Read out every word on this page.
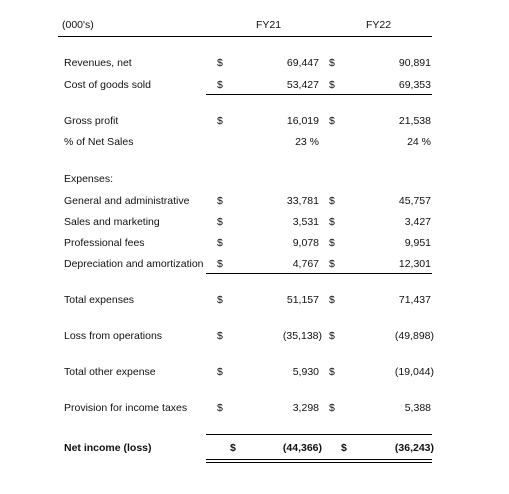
(000's)	FY21	FY22
Revenues, net	$	69,447 $	90,891
Cost of goods sold	$	53,427 $	69,353
Gross profit	$	16,019 $	21,538
% of Net Sales	23 %	24 %
Expenses:
General and administrative	$	33,781 $	45,757
Sales and marketing	$	3,531 $	3,427
Professional fees	$	9,078 $	9,951
Depreciation and amortization $	4,767 $	12,301
Total expenses	$	51,157 $	71,437
Loss from operations	$	(35,138) $	(49,898)
Total other expense	$	5,930 $	(19,044)
Provision for income taxes	$	3,298 $	5,388
Net income (loss)	$	(44,366) $	(36,243)
